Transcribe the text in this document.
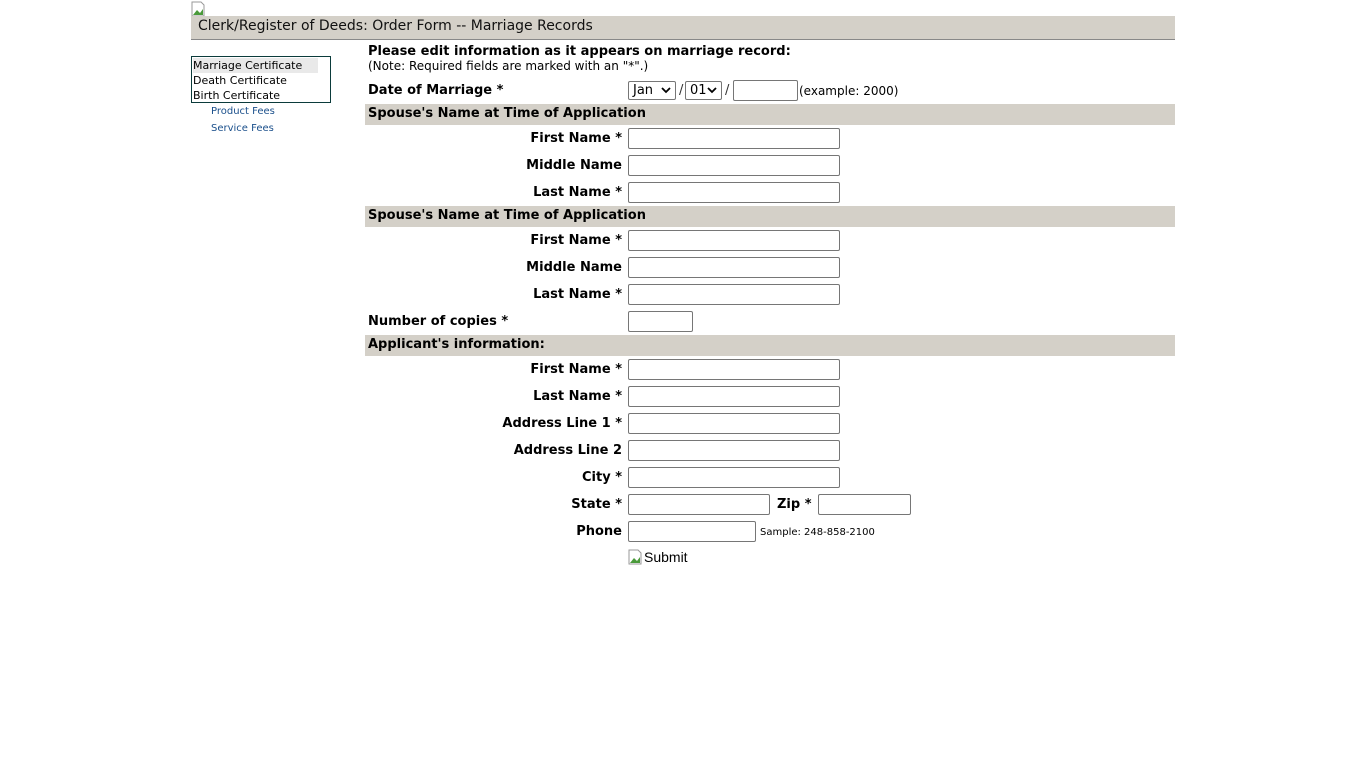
Clerk/Register of Deeds: Order Form -- Marriage Records
Marriage Certificate
Death Certificate
Birth Certificate
Product Fees
Service Fees
Please edit information as it appears on marriage record:
(Note: Required fields are marked with an "*".)
Date of Marriage *	Jan / 01 /	(example: 2000)
Spouse's Name at Time of Application
First Name *
Middle Name
Last Name *
Spouse's Name at Time of Application
First Name *
Middle Name
Last Name *
Number of copies *
Applicant's information:
First Name *
Last Name *
Address Line 1 *
Address Line 2
City *
State *	Zip *
Phone	Sample: 248-858-2100
Submit
